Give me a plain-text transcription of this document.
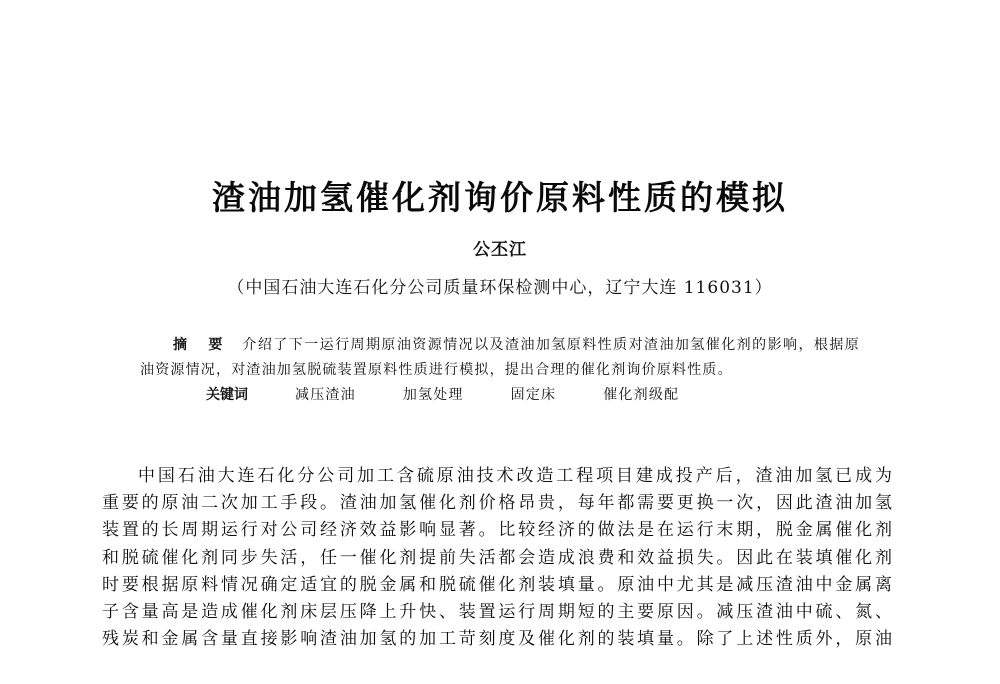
渣油加氢催化剂询价原料性质的模拟
公丕江
（中国石油大连石化分公司质量环保检测中心，辽宁大连 116031）

摘 要 介绍了下一运行周期原油资源情况以及渣油加氢原料性质对渣油加氢催化剂的影响，根据原油资源情况，对渣油加氢脱硫装置原料性质进行模拟，提出合理的催化剂询价原料性质。

关键词	减压渣油	加氢处理	固定床	催化剂级配

中国石油大连石化分公司加工含硫原油技术改造工程项目建成投产后，渣油加氢已成为
重要的原油二次加工手段。渣油加氢催化剂价格昂贵，每年都需要更换一次，因此渣油加氢
装置的长周期运行对公司经济效益影响显著。比较经济的做法是在运行末期，脱金属催化剂
和脱硫催化剂同步失活，任一催化剂提前失活都会造成浪费和效益损失。因此在装填催化剂
时要根据原料情况确定适宜的脱金属和脱硫催化剂装填量。原油中尤其是减压渣油中金属离
子含量高是造成催化剂床层压降上升快、装置运行周期短的主要原因。减压渣油中硫、氮、
残炭和金属含量直接影响渣油加氢的加工苛刻度及催化剂的装填量。除了上述性质外，原油
